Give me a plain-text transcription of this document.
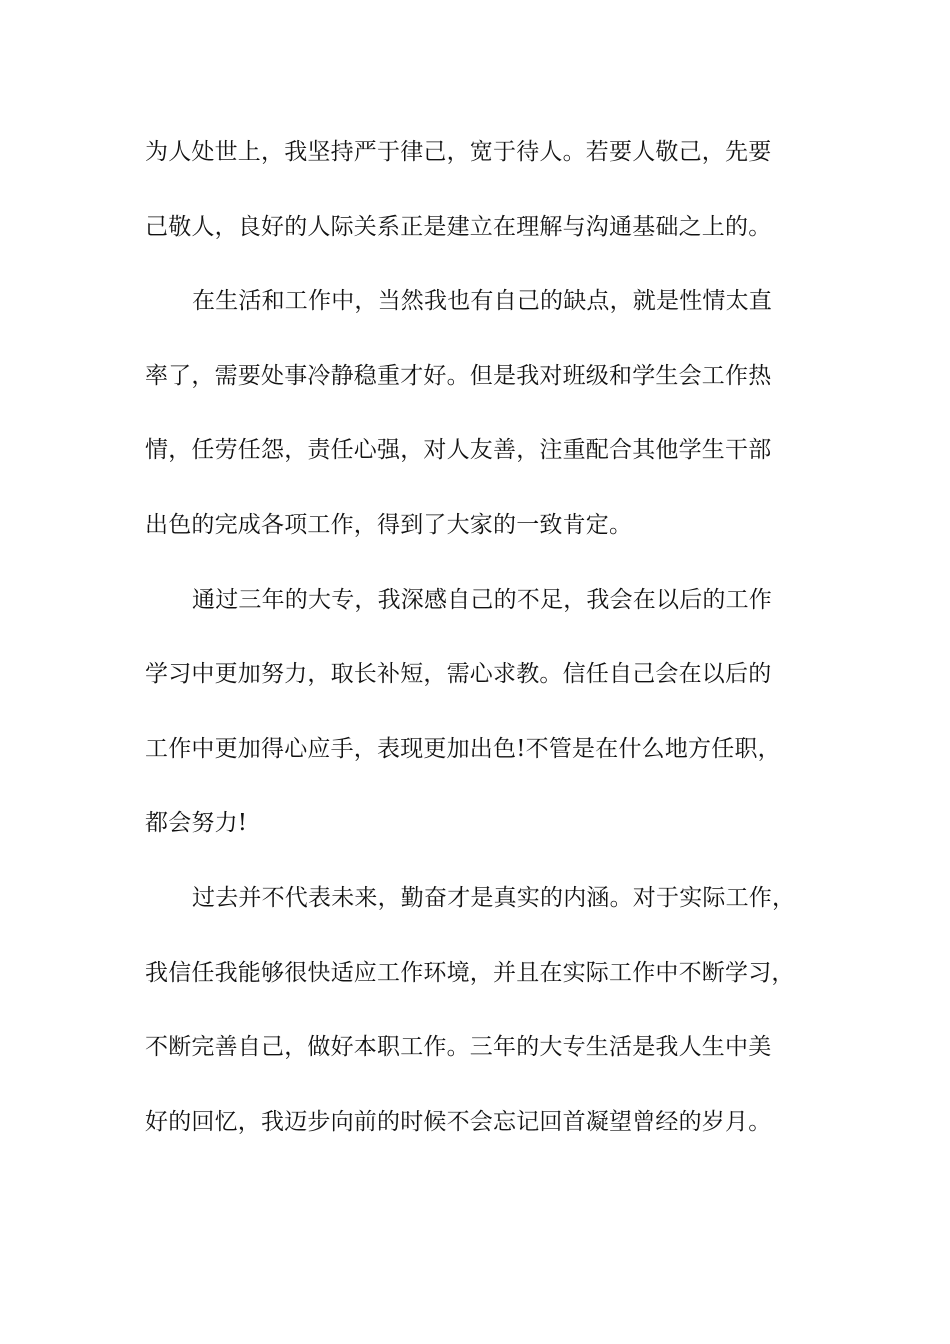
为人处世上，我坚持严于律己，宽于待人。若要人敬己，先要
己敬人，良好的人际关系正是建立在理解与沟通基础之上的。
在生活和工作中，当然我也有自己的缺点，就是性情太直
率了，需要处事冷静稳重才好。但是我对班级和学生会工作热
情，任劳任怨，责任心强，对人友善，注重配合其他学生干部
出色的完成各项工作，得到了大家的一致肯定。
通过三年的大专，我深感自己的不足，我会在以后的工作
学习中更加努力，取长补短，需心求教。信任自己会在以后的
工作中更加得心应手，表现更加出色!不管是在什么地方任职，
都会努力!
过去并不代表未来，勤奋才是真实的内涵。对于实际工作，
我信任我能够很快适应工作环境，并且在实际工作中不断学习，
不断完善自己，做好本职工作。三年的大专生活是我人生中美
好的回忆，我迈步向前的时候不会忘记回首凝望曾经的岁月。
